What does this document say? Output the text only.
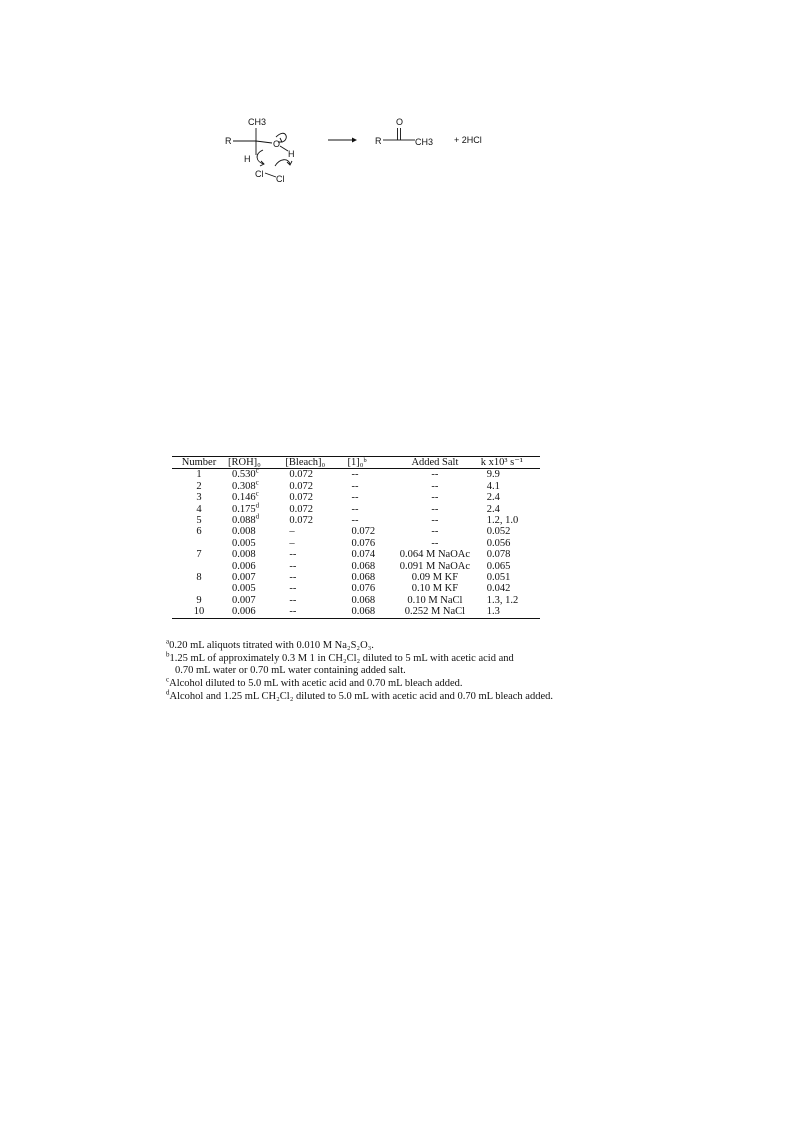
CH3
R	O
H
H
Cl Cl
O
R	CH3 + 2HCl
Number	[ROH]₀	[Bleach]₀	[1]₀ᵇ	Added Salt	k x10³ s⁻¹
1	0.530$^c$	0.072	--	--	9.9
2	0.308$^c$	0.072	--	--	4.1
3	0.146$^c$	0.072	--	--	2.4
4	0.175$^d$	0.072	--	--	2.4
5	0.088$^d$	0.072	--	--	1.2, 1.0
6	0.008	–	0.072	--	0.052
	0.005	–	0.076	--	0.056
7	0.008	--	0.074	0.064 M NaOAc	0.078
	0.006	--	0.068	0.091 M NaOAc	0.065
8	0.007	--	0.068	0.09 M KF	0.051
	0.005	--	0.076	0.10 M KF	0.042
9	0.007	--	0.068	0.10 M NaCl	1.3, 1.2
10	0.006	--	0.068	0.252 M NaCl	1.3
$^a$0.20 mL aliquots titrated with 0.010 M Na₂S₂O₃.
$^b$1.25 mL of approximately 0.3 M 1 in CH₂Cl₂ diluted to 5 mL with acetic acid and
0.70 mL water or 0.70 mL water containing added salt.
$^c$Alcohol diluted to 5.0 mL with acetic acid and 0.70 mL bleach added.
$^d$Alcohol and 1.25 mL CH₂Cl₂ diluted to 5.0 mL with acetic acid and 0.70 mL bleach added.
